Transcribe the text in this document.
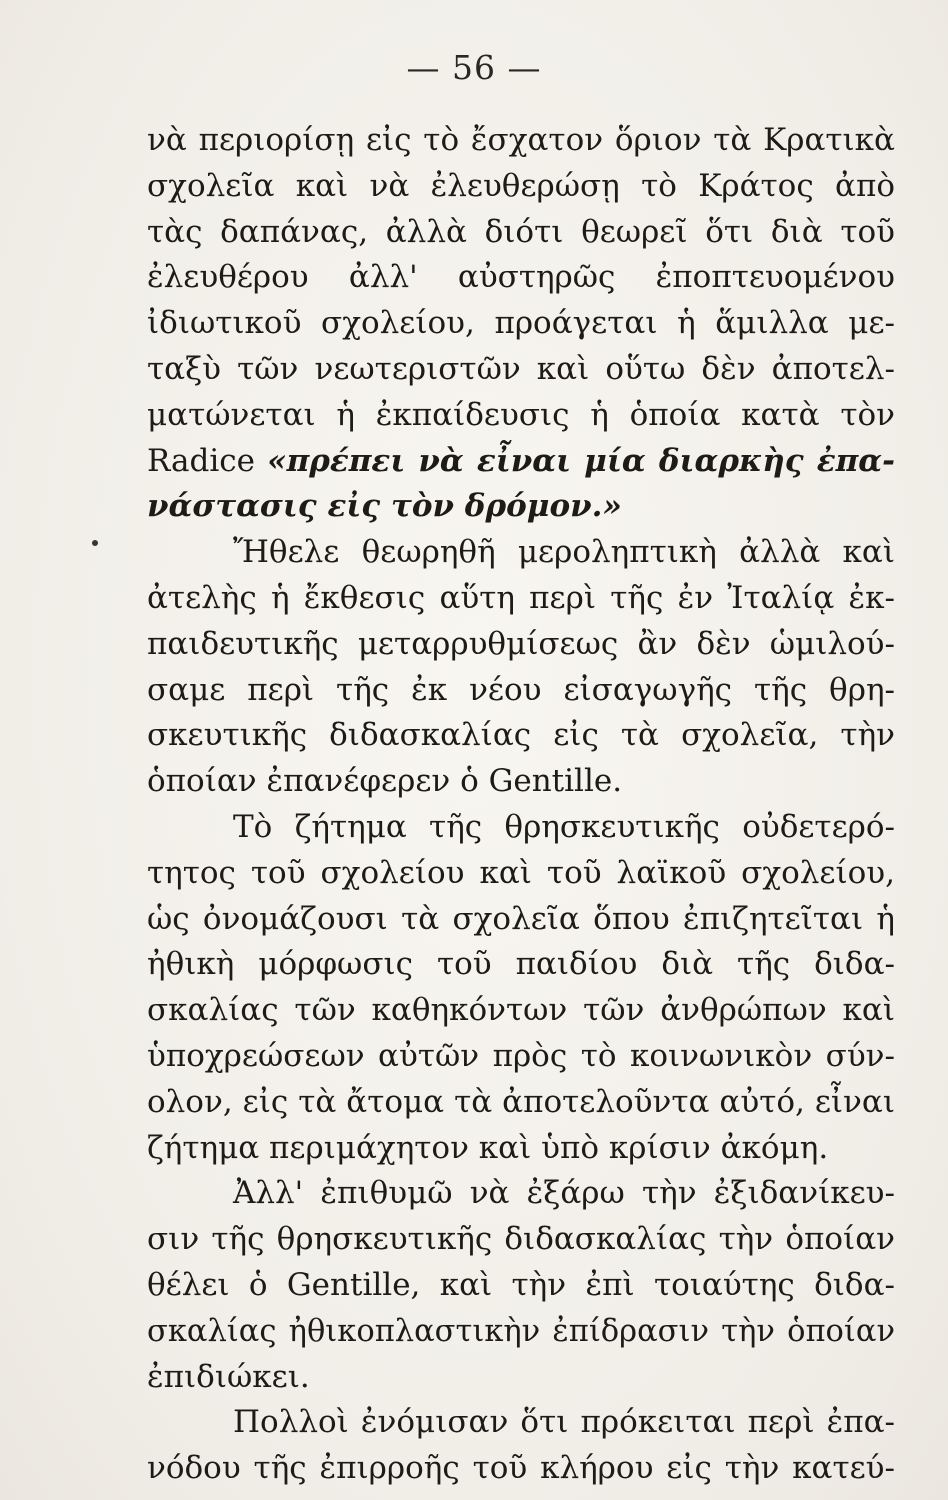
— 56 —
νὰ περιορίσῃ εἰς τὸ ἔσχατον ὅριον τὰ Κρατικὰ
σχολεῖα καὶ νὰ ἐλευθερώσῃ τὸ Κράτος ἀπὸ
τὰς δαπάνας, ἀλλὰ διότι θεωρεῖ ὅτι διὰ τοῦ
ἐλευθέρου ἀλλ' αὐστηρῶς ἐποπτευομένου
ἰδιωτικοῦ σχολείου, προάγεται ἡ ἅμιλλα με-
ταξὺ τῶν νεωτεριστῶν καὶ οὕτω δὲν ἀποτελ-
ματώνεται ἡ ἐκπαίδευσις ἡ ὁποία κατὰ τὸν
Radice «πρέπει νὰ εἶναι μία διαρκὴς ἐπα-
νάστασις εἰς τὸν δρόμον.»
Ἤθελε θεωρηθῆ μεροληπτικὴ ἀλλὰ καὶ
ἀτελὴς ἡ ἔκθεσις αὕτη περὶ τῆς ἐν Ἰταλίᾳ ἐκ-
παιδευτικῆς μεταρρυθμίσεως ἂν δὲν ὡμιλού-
σαμε περὶ τῆς ἐκ νέου εἰσαγωγῆς τῆς θρη-
σκευτικῆς διδασκαλίας εἰς τὰ σχολεῖα, τὴν
ὁποίαν ἐπανέφερεν ὁ Gentille.
Τὸ ζήτημα τῆς θρησκευτικῆς οὐδετερό-
τητος τοῦ σχολείου καὶ τοῦ λαϊκοῦ σχολείου,
ὡς ὀνομάζουσι τὰ σχολεῖα ὅπου ἐπιζητεῖται ἡ
ἠθικὴ μόρφωσις τοῦ παιδίου διὰ τῆς διδα-
σκαλίας τῶν καθηκόντων τῶν ἀνθρώπων καὶ
ὑποχρεώσεων αὐτῶν πρὸς τὸ κοινωνικὸν σύν-
ολον, εἰς τὰ ἄτομα τὰ ἀποτελοῦντα αὐτό, εἶναι
ζήτημα περιμάχητον καὶ ὑπὸ κρίσιν ἀκόμη.
Ἀλλ' ἐπιθυμῶ νὰ ἐξάρω τὴν ἐξιδανίκευ-
σιν τῆς θρησκευτικῆς διδασκαλίας τὴν ὁποίαν
θέλει ὁ Gentille, καὶ τὴν ἐπὶ τοιαύτης διδα-
σκαλίας ἠθικοπλαστικὴν ἐπίδρασιν τὴν ὁποίαν
ἐπιδιώκει.
Πολλοὶ ἐνόμισαν ὅτι πρόκειται περὶ ἐπα-
νόδου τῆς ἐπιρροῆς τοῦ κλήρου εἰς τὴν κατεύ-
